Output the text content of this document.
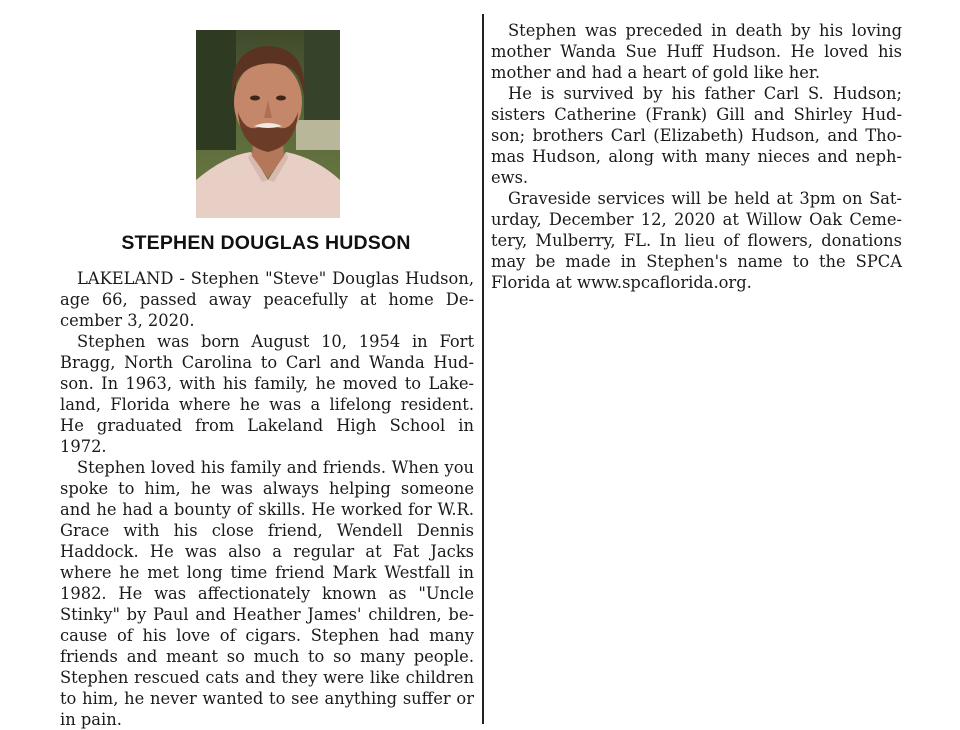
STEPHEN DOUGLAS HUDSON

LAKELAND - Stephen "Steve" Douglas Hudson, age 66, passed away peacefully at home December 3, 2020.

Stephen was born August 10, 1954 in Fort Bragg, North Carolina to Carl and Wanda Hudson. In 1963, with his family, he moved to Lakeland, Florida where he was a lifelong resident. He graduated from Lakeland High School in 1972.

Stephen loved his family and friends. When you spoke to him, he was always helping someone and he had a bounty of skills. He worked for W.R. Grace with his close friend, Wendell Dennis Haddock. He was also a regular at Fat Jacks where he met long time friend Mark Westfall in 1982. He was affectionately known as "Uncle Stinky" by Paul and Heather James' children, because of his love of cigars. Stephen had many friends and meant so much to so many people. Stephen rescued cats and they were like children to him, he never wanted to see anything suffer or in pain.

Stephen was preceded in death by his loving mother Wanda Sue Huff Hudson. He loved his mother and had a heart of gold like her.

He is survived by his father Carl S. Hudson; sisters Catherine (Frank) Gill and Shirley Hudson; brothers Carl (Elizabeth) Hudson, and Thomas Hudson, along with many nieces and nephews.

Graveside services will be held at 3pm on Saturday, December 12, 2020 at Willow Oak Cemetery, Mulberry, FL. In lieu of flowers, donations may be made in Stephen's name to the SPCA Florida at www.spcaflorida.org.
